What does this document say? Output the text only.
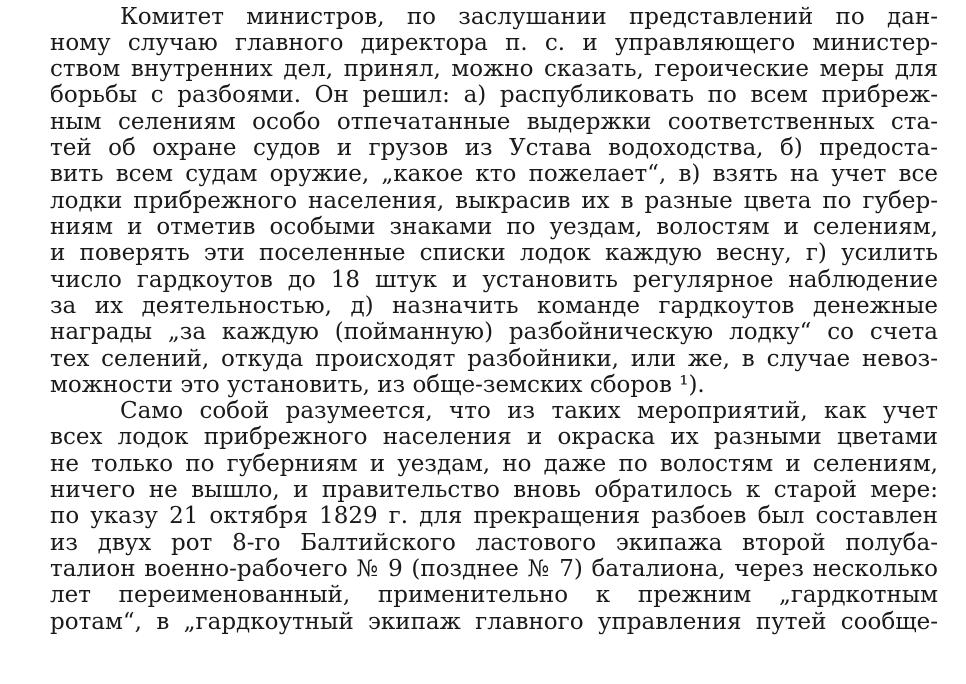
Комитет министров, по заслушании представлений по дан-
ному случаю главного директора п. с. и управляющего министер-
ством внутренних дел, принял, можно сказать, героические меры для
борьбы с разбоями. Он решил: а) распубликовать по всем прибреж-
ным селениям особо отпечатанные выдержки соответственных ста-
тей об охране судов и грузов из Устава водоходства, б) предоста-
вить всем судам оружие, „какое кто пожелает“, в) взять на учет все
лодки прибрежного населения, выкрасив их в разные цвета по губер-
ниям и отметив особыми знаками по уездам, волостям и селениям,
и поверять эти поселенные списки лодок каждую весну, г) усилить
число гардкоутов до 18 штук и установить регулярное наблюдение
за их деятельностью, д) назначить команде гардкоутов денежные
награды „за каждую (пойманную) разбойническую лодку“ со счета
тех селений, откуда происходят разбойники, или же, в случае невоз-
можности это установить, из обще-земских сборов ¹).
Само собой разумеется, что из таких мероприятий, как учет
всех лодок прибрежного населения и окраска их разными цветами
не только по губерниям и уездам, но даже по волостям и селениям,
ничего не вышло, и правительство вновь обратилось к старой мере:
по указу 21 октября 1829 г. для прекращения разбоев был составлен
из двух рот 8-го Балтийского ластового экипажа второй полуба-
талион военно-рабочего № 9 (позднее № 7) баталиона, через несколько
лет переименованный, применительно к прежним „гардкотным
ротам“, в „гардкоутный экипаж главного управления путей сообще-
